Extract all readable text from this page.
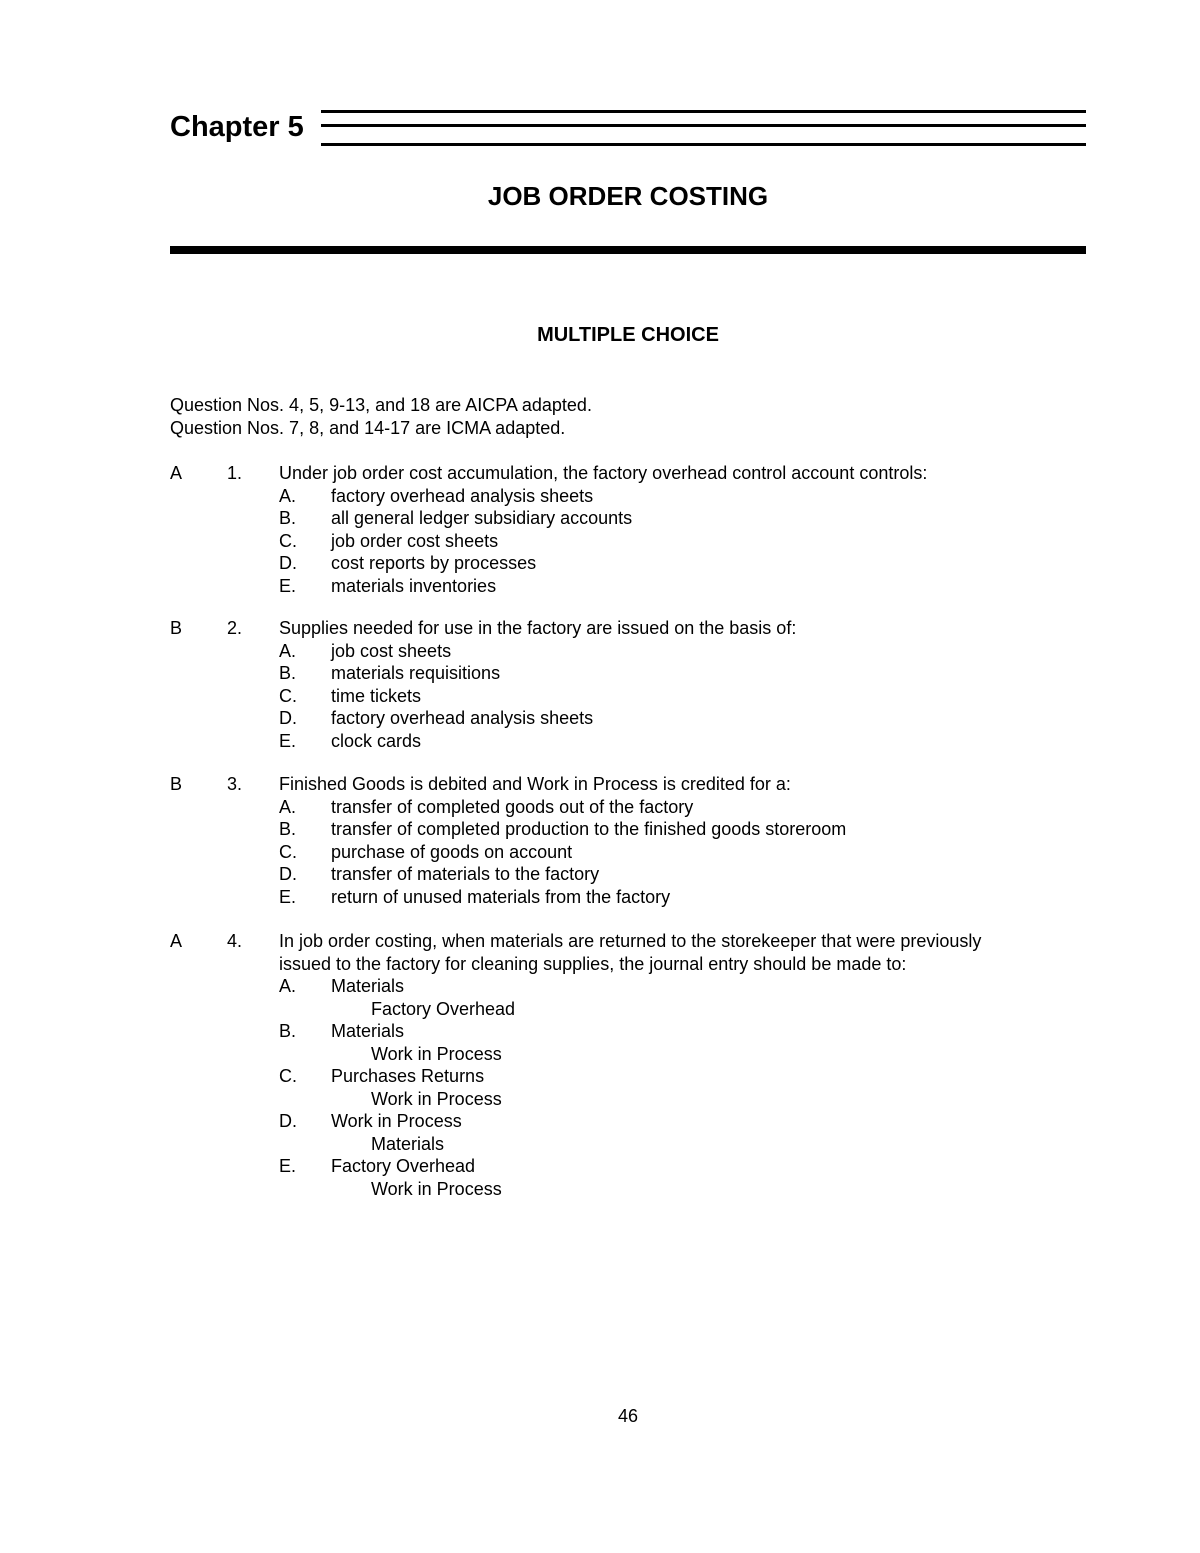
Chapter 5
JOB ORDER COSTING
MULTIPLE CHOICE
Question Nos. 4, 5, 9-13, and 18 are AICPA adapted.
Question Nos. 7, 8, and 14-17 are ICMA adapted.
A 1. Under job order cost accumulation, the factory overhead control account controls:
A. factory overhead analysis sheets
B. all general ledger subsidiary accounts
C. job order cost sheets
D. cost reports by processes
E. materials inventories
B 2. Supplies needed for use in the factory are issued on the basis of:
A. job cost sheets
B. materials requisitions
C. time tickets
D. factory overhead analysis sheets
E. clock cards
B 3. Finished Goods is debited and Work in Process is credited for a:
A. transfer of completed goods out of the factory
B. transfer of completed production to the finished goods storeroom
C. purchase of goods on account
D. transfer of materials to the factory
E. return of unused materials from the factory
A 4. In job order costing, when materials are returned to the storekeeper that were previously
issued to the factory for cleaning supplies, the journal entry should be made to:
A. Materials
Factory Overhead
B. Materials
Work in Process
C. Purchases Returns
Work in Process
D. Work in Process
Materials
E. Factory Overhead
Work in Process
46
